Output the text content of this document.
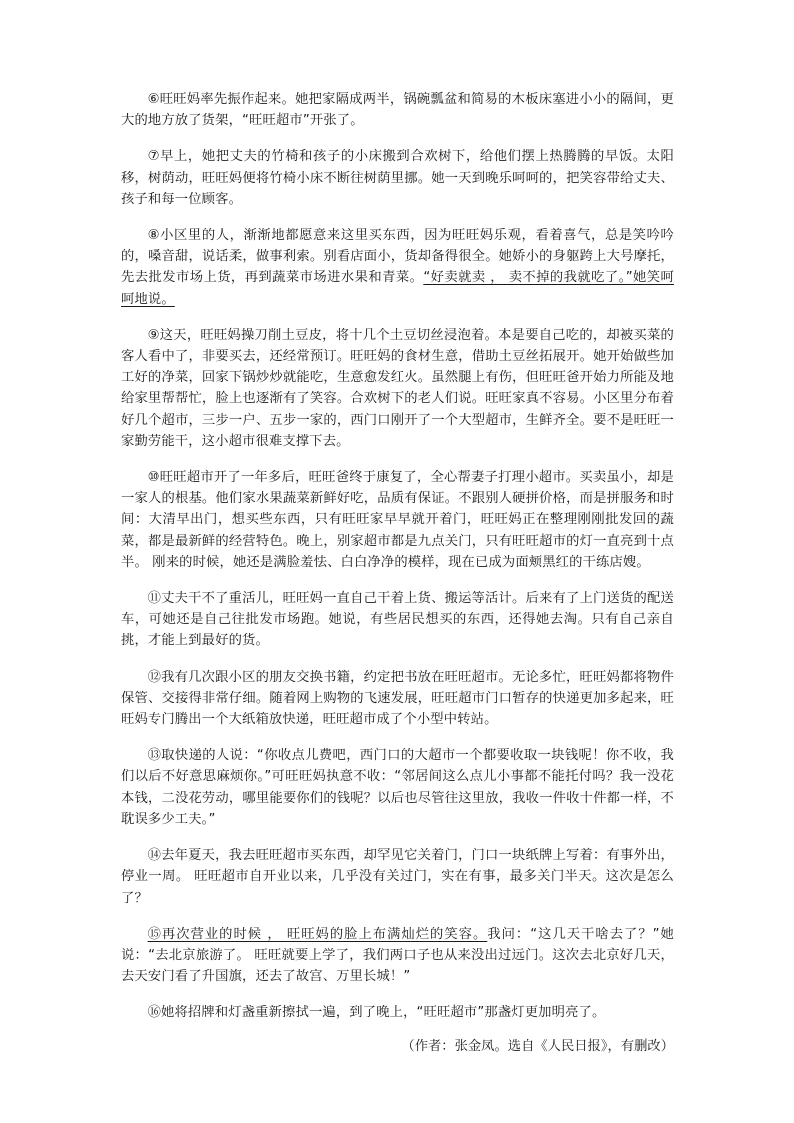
⑥旺旺妈率先振作起来。她把家隔成两半，锅碗瓢盆和简易的木板床塞进小小的隔间，更大的地方放了货架，“旺旺超市”开张了。

⑦早上，她把丈夫的竹椅和孩子的小床搬到合欢树下，给他们摆上热腾腾的早饭。太阳移，树荫动，旺旺妈便将竹椅小床不断往树荫里挪。她一天到晚乐呵呵的，把笑容带给丈夫、孩子和每一位顾客。

⑧小区里的人，渐渐地都愿意来这里买东西，因为旺旺妈乐观，看着喜气，总是笑吟吟的，嗓音甜，说话柔，做事利索。别看店面小，货却备得很全。她娇小的身躯跨上大号摩托，先去批发市场上货，再到蔬菜市场进水果和青菜。“好卖就卖 ， 卖不掉的我就吃了。”她笑呵呵地说。

⑨这天，旺旺妈操刀削土豆皮，将十几个土豆切丝浸泡着。本是要自己吃的，却被买菜的客人看中了，非要买去，还经常预订。旺旺妈的食材生意，借助土豆丝拓展开。她开始做些加工好的净菜，回家下锅炒炒就能吃，生意愈发红火。虽然腿上有伤，但旺旺爸开始力所能及地给家里帮帮忙，脸上也逐渐有了笑容。合欢树下的老人们说。旺旺家真不容易。小区里分布着好几个超市，三步一户、五步一家的，西门口刚开了一个大型超市，生鲜齐全。要不是旺旺一家勤劳能干，这小超市很难支撑下去。

⑩旺旺超市开了一年多后，旺旺爸终于康复了，全心帮妻子打理小超市。买卖虽小，却是一家人的根基。他们家水果蔬菜新鲜好吃，品质有保证。不跟别人硬拼价格，而是拼服务和时间：大清早出门，想买些东西，只有旺旺家早早就开着门，旺旺妈正在整理刚刚批发回的蔬菜，都是最新鲜的经营特色。晚上，别家超市都是九点关门，只有旺旺超市的灯一直亮到十点半。 刚来的时候，她还是满脸羞怯、白白净净的模样，现在已成为面颊黑红的干练店嫂。

⑪丈夫干不了重活儿，旺旺妈一直自己干着上货、搬运等活计。后来有了上门送货的配送车，可她还是自己往批发市场跑。她说，有些居民想买的东西，还得她去淘。只有自己亲自挑，才能上到最好的货。

⑫我有几次跟小区的朋友交换书籍，约定把书放在旺旺超市。无论多忙，旺旺妈都将物件保管、交接得非常仔细。随着网上购物的飞速发展，旺旺超市门口暂存的快递更加多起来，旺旺妈专门腾出一个大纸箱放快递，旺旺超市成了个小型中转站。

⑬取快递的人说：“你收点儿费吧，西门口的大超市一个都要收取一块钱呢！你不收，我们以后不好意思麻烦你。”可旺旺妈执意不收：“邻居间这么点儿小事都不能托付吗？我一没花本钱，二没花劳动，哪里能要你们的钱呢？以后也尽管往这里放，我收一件收十件都一样，不耽误多少工夫。”

⑭去年夏天，我去旺旺超市买东西，却罕见它关着门，门口一块纸牌上写着：有事外出，停业一周。 旺旺超市自开业以来，几乎没有关过门，实在有事，最多关门半天。这次是怎么了？

⑮再次营业的时候 ， 旺旺妈的脸上布满灿烂的笑容。我问：“这几天干啥去了？”她说：“去北京旅游了。 旺旺就要上学了，我们两口子也从来没出过远门。这次去北京好几天，去天安门看了升国旗，还去了故宫、万里长城！”

⑯她将招牌和灯盏重新擦拭一遍，到了晚上，“旺旺超市”那盏灯更加明亮了。

（作者：张金凤。选自《人民日报》，有删改）
